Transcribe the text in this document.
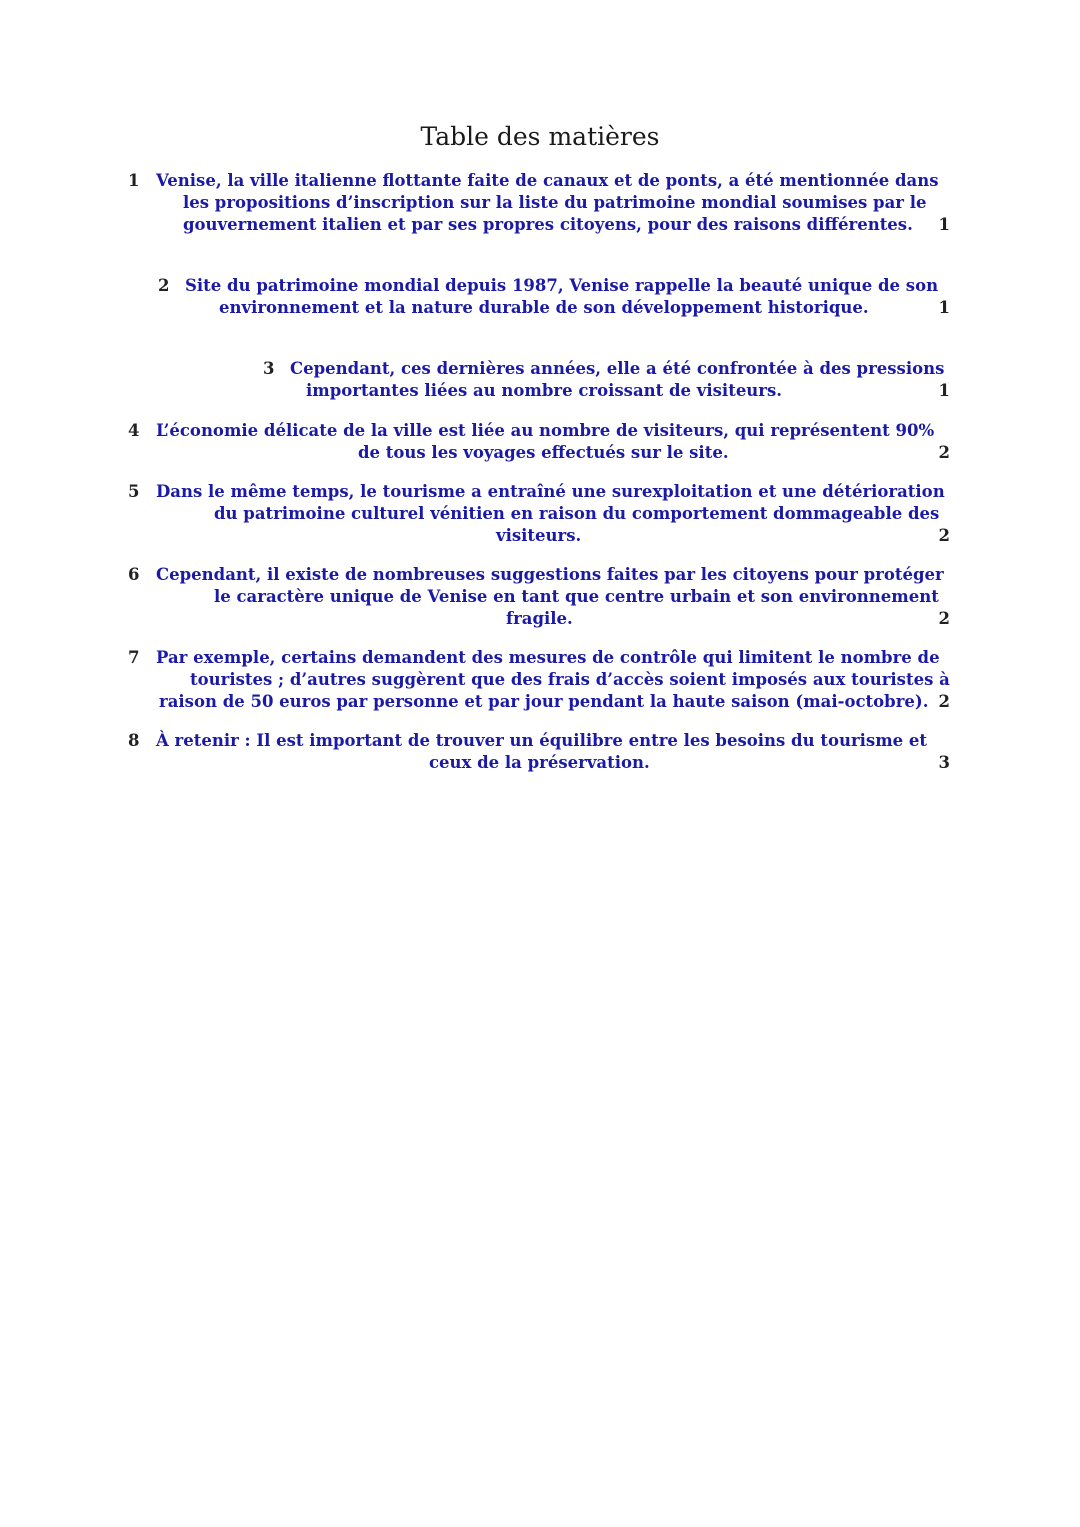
Table des matières
1 Venise, la ville italienne flottante faite de canaux et de ponts, a été mentionnée dans
les propositions d’inscription sur la liste du patrimoine mondial soumises par le
gouvernement italien et par ses propres citoyens, pour des raisons différentes.	1
2 Site du patrimoine mondial depuis 1987, Venise rappelle la beauté unique de son
environnement et la nature durable de son développement historique.	1
3 Cependant, ces dernières années, elle a été confrontée à des pressions
importantes liées au nombre croissant de visiteurs.	1
4 L’économie délicate de la ville est liée au nombre de visiteurs, qui représentent 90%
de tous les voyages effectués sur le site.	2
5 Dans le même temps, le tourisme a entraîné une surexploitation et une détérioration
du patrimoine culturel vénitien en raison du comportement dommageable des
visiteurs.	2
6 Cependant, il existe de nombreuses suggestions faites par les citoyens pour protéger
le caractère unique de Venise en tant que centre urbain et son environnement
fragile.	2
7 Par exemple, certains demandent des mesures de contrôle qui limitent le nombre de
touristes ; d’autres suggèrent que des frais d’accès soient imposés aux touristes à
raison de 50 euros par personne et par jour pendant la haute saison (mai-octobre). 2
8 À retenir : Il est important de trouver un équilibre entre les besoins du tourisme et
ceux de la préservation.	3
